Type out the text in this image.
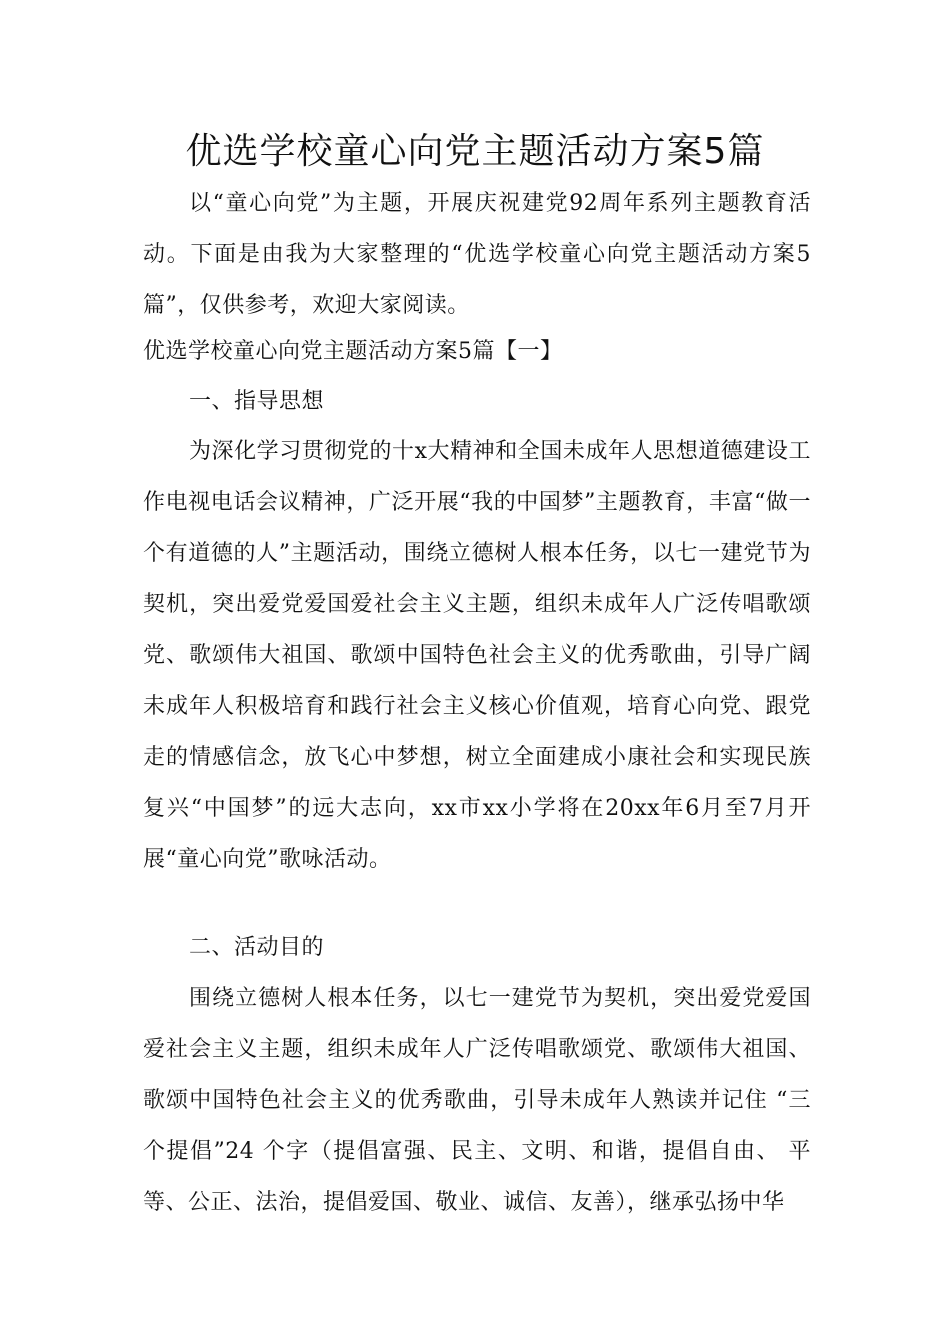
优选学校童心向党主题活动方案5篇

以“童心向党”为主题，开展庆祝建党92周年系列主题教育活动。下面是由我为大家整理的“优选学校童心向党主题活动方案5篇”，仅供参考，欢迎大家阅读。

优选学校童心向党主题活动方案5篇【一】

一、指导思想

为深化学习贯彻党的十x大精神和全国未成年人思想道德建设工作电视电话会议精神，广泛开展“我的中国梦”主题教育，丰富“做一个有道德的人”主题活动，围绕立德树人根本任务，以七一建党节为契机，突出爱党爱国爱社会主义主题，组织未成年人广泛传唱歌颂党、歌颂伟大祖国、歌颂中国特色社会主义的优秀歌曲，引导广阔未成年人积极培育和践行社会主义核心价值观，培育心向党、跟党走的情感信念，放飞心中梦想，树立全面建成小康社会和实现民族复兴“中国梦”的远大志向，xx市xx小学将在20xx年6月至7月开展“童心向党”歌咏活动。

二、活动目的

围绕立德树人根本任务，以七一建党节为契机，突出爱党爱国爱社会主义主题，组织未成年人广泛传唱歌颂党、歌颂伟大祖国、歌颂中国特色社会主义的优秀歌曲，引导未成年人熟读并记住 “三个提倡”24 个字（提倡富强、民主、文明、和谐，提倡自由、 平等、公正、法治，提倡爱国、敬业、诚信、友善），继承弘扬中华
